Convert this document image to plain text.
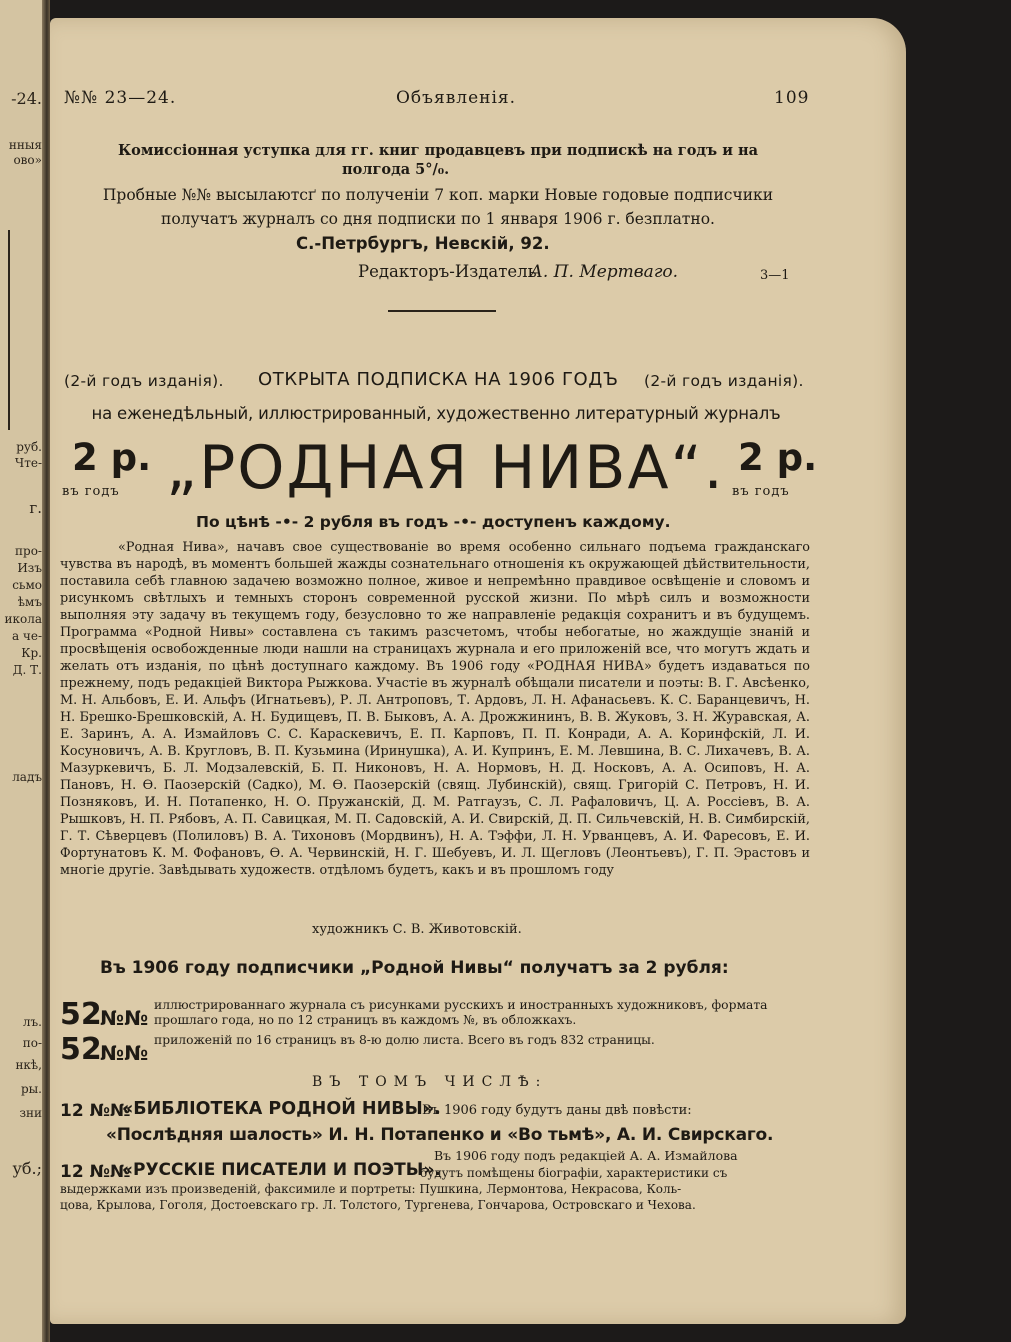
-24.
нныя
ово»
руб.
Чте-
г.
про-
Изъ
сьмо
ѣмъ
икола
а че-
Кр.
Д. Т.
ладъ
лъ.
по-
нкѣ,
ры.
зни
уб.;
№№ 23—24.	Объявленія.	109
Комиссіонная уступка для гг. книг продавцевъ при подпискѣ на годъ и на
полгода 5°/₀.
Пробные №№ высылаютсґ по полученіи 7 коп. марки Новые годовые подписчики
получатъ журналъ со дня подписки по 1 января 1906 г. безплатно.
С.-Петрбургъ, Невскій, 92.
Редакторъ-Издатель
А. П. Мертваго.	3—1
(2-й годъ изданія). ОТКРЫТА ПОДПИСКА НА 1906 ГОДЪ (2-й годъ изданія).
на еженедѣльный, иллюстрированный, художественно литературный журналъ
2 р.
въ годъ „РОДНАЯ НИВА“. 2 р.
въ годъ
По цѣнѣ -•- 2 рубля въ годъ -•- доступенъ каждому.
«Родная Нива», начавъ свое существованіе во время особенно сильнаго подъема гражданскаго чувства въ народѣ, въ моментъ большей жажды сознательнаго отношенія къ окружающей дѣйствительности, поставила себѣ главною задачею возможно полное, живое и непремѣнно правдивое освѣщеніе и словомъ и рисункомъ свѣтлыхъ и темныхъ сторонъ современной русской жизни. По мѣрѣ силъ и возможности выполняя эту задачу въ текущемъ году, безусловно то же направленіе редакція сохранитъ и въ будущемъ. Программа «Родной Нивы» составлена съ такимъ разсчетомъ, чтобы небогатые, но жаждущіе знаній и просвѣщенія освобожденные люди нашли на страницахъ журнала и его приложеній все, что могутъ ждать и желать отъ изданія, по цѣнѣ доступнаго каждому. Въ 1906 году «РОДНАЯ НИВА» будетъ издаваться по прежнему, подъ редакціей Виктора Рыжкова. Участіе въ журналѣ обѣщали писатели и поэты: В. Г. Авсѣенко, М. Н. Альбовъ, Е. И. Альфъ (Игнатьевъ), Р. Л. Антроповъ, Т. Ардовъ, Л. Н. Афанасьевъ. К. С. Баранцевичъ, Н. Н. Брешко-Брешковскій, А. Н. Будищевъ, П. В. Быковъ, А. А. Дрожжининъ, В. В. Жуковъ, З. Н. Журавская, А. Е. Заринъ, А. А. Измайловъ С. С. Караскевичъ, Е. П. Карповъ, П. П. Конради, А. А. Коринфскій, Л. И. Косуновичъ, А. В. Кругловъ, В. П. Кузьмина (Иринушка), А. И. Купринъ, Е. М. Левшина, В. С. Лихачевъ, В. А. Мазуркевичъ, Б. Л. Модзалевскій, Б. П. Никоновъ, Н. А. Нормовъ, Н. Д. Носковъ, А. А. Осиповъ, Н. А. Пановъ, Н. Ѳ. Паозерскій (Садко), М. Ѳ. Паозерскій (свящ. Лубинскій), свящ. Григорій С. Петровъ, Н. И. Позняковъ, И. Н. Потапенко, Н. О. Пружанскій, Д. М. Ратгаузъ, С. Л. Рафаловичъ, Ц. А. Россіевъ, В. А. Рышковъ, Н. П. Рябовъ, А. П. Савицкая, М. П. Садовскій, А. И. Свирскій, Д. П. Сильчевскій, Н. В. Симбирскій, Г. Т. Сѣверцевъ (Полиловъ) В. А. Тихоновъ (Мордвинъ), Н. А. Тэффи, Л. Н. Урванцевъ, А. И. Фаресовъ, Е. И. Фортунатовъ К. М. Фофановъ, Ѳ. А. Червинскій, Н. Г. Шебуевъ, И. Л. Щегловъ (Леонтьевъ), Г. П. Эрастовъ и многіе другіе. Завѣдывать художеств. отдѣломъ будетъ, какъ и въ прошломъ году
художникъ С. В. Животовскій.
Въ 1906 году подписчики „Родной Нивы“ получатъ за 2 рубля:
52
№№
иллюстрированнаго журнала съ рисунками русскихъ и иностранныхъ художниковъ, формата прошлаго года, но по 12 страницъ въ каждомъ №, въ обложкахъ.
52
№№
приложеній по 16 страницъ въ 8-ю долю листа. Всего въ годъ 832 страницы.
ВЪ ТОМЪ ЧИСЛѢ:
12 №№
«БИБЛІОТЕКА РОДНОЙ НИВЫ».
Въ 1906 году будутъ даны двѣ повѣсти:
«Послѣдняя шалость» И. Н. Потапенко и «Во тьмѣ», А. И. Свирскаго.
Въ 1906 году подъ редакціей А. А. Измайлова
12 №№
«РУССКІЕ ПИСАТЕЛИ И ПОЭТЫ».
будутъ помѣщены біографіи, характеристики съ
выдержками изъ произведеній, факсимиле и портреты: Пушкина, Лермонтова, Некрасова, Коль-
цова, Крылова, Гоголя, Достоевскаго гр. Л. Толстого, Тургенева, Гончарова, Островскаго и Чехова.
